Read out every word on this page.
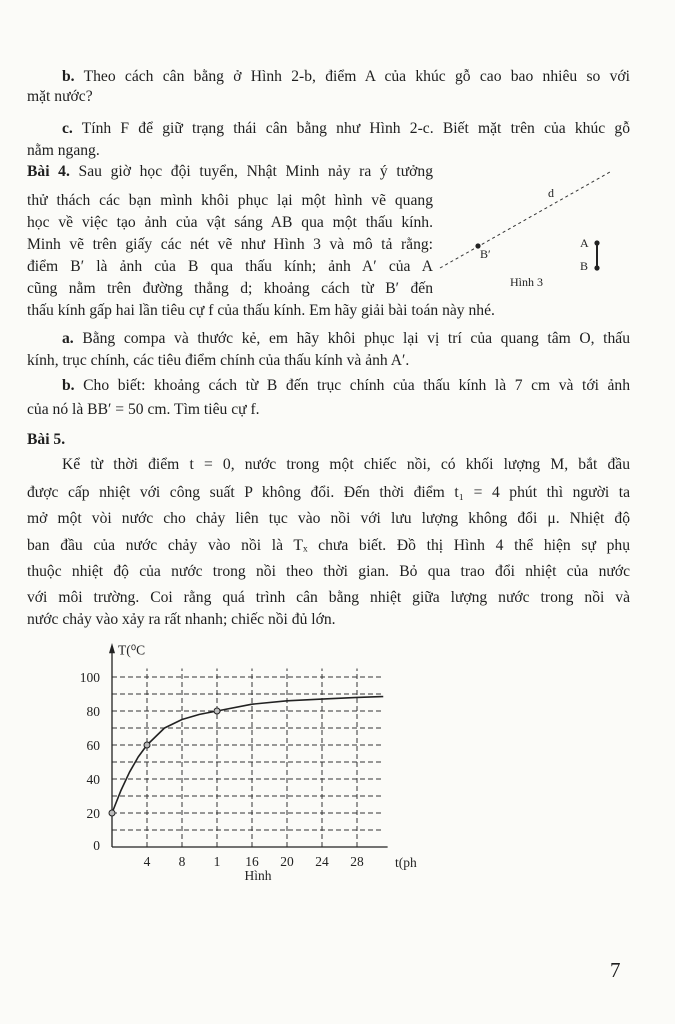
b. Theo cách cân bằng ở Hình 2-b, điểm A của khúc gỗ cao bao nhiêu so với
mặt nước?
c. Tính F để giữ trạng thái cân bằng như Hình 2-c. Biết mặt trên của khúc gỗ
nằm ngang.
Bài 4. Sau giờ học đội tuyển, Nhật Minh nảy ra ý tưởng
thử thách các bạn mình khôi phục lại một hình vẽ quang
học về việc tạo ảnh của vật sáng AB qua một thấu kính.
Minh vẽ trên giấy các nét vẽ như Hình 3 và mô tả rằng:
điểm B′ là ảnh của B qua thấu kính; ảnh A′ của A
cũng nằm trên đường thẳng d; khoảng cách từ B′ đến
thấu kính gấp hai lần tiêu cự f của thấu kính. Em hãy giải bài toán này nhé.
a. Bằng compa và thước kẻ, em hãy khôi phục lại vị trí của quang tâm O, thấu
kính, trục chính, các tiêu điểm chính của thấu kính và ảnh A′.
b. Cho biết: khoảng cách từ B đến trục chính của thấu kính là 7 cm và tới ảnh
của nó là BB′ = 50 cm. Tìm tiêu cự f.
d
B′
A
B
Hình 3
Bài 5.
Kể từ thời điểm t = 0, nước trong một chiếc nồi, có khối lượng M, bắt đầu
được cấp nhiệt với công suất P không đổi. Đến thời điểm t₁ = 4 phút thì người ta
mở một vòi nước cho chảy liên tục vào nồi với lưu lượng không đổi μ. Nhiệt độ
ban đầu của nước chảy vào nồi là Tₓ chưa biết. Đồ thị Hình 4 thể hiện sự phụ
thuộc nhiệt độ của nước trong nồi theo thời gian. Bỏ qua trao đổi nhiệt của nước
với môi trường. Coi rằng quá trình cân bằng nhiệt giữa lượng nước trong nồi và
nước chảy vào xảy ra rất nhanh; chiếc nồi đủ lớn.
0
20
40
60
80
100
4 8 1 16 20 24 28
T(⁰C
t(ph
Hình
7
